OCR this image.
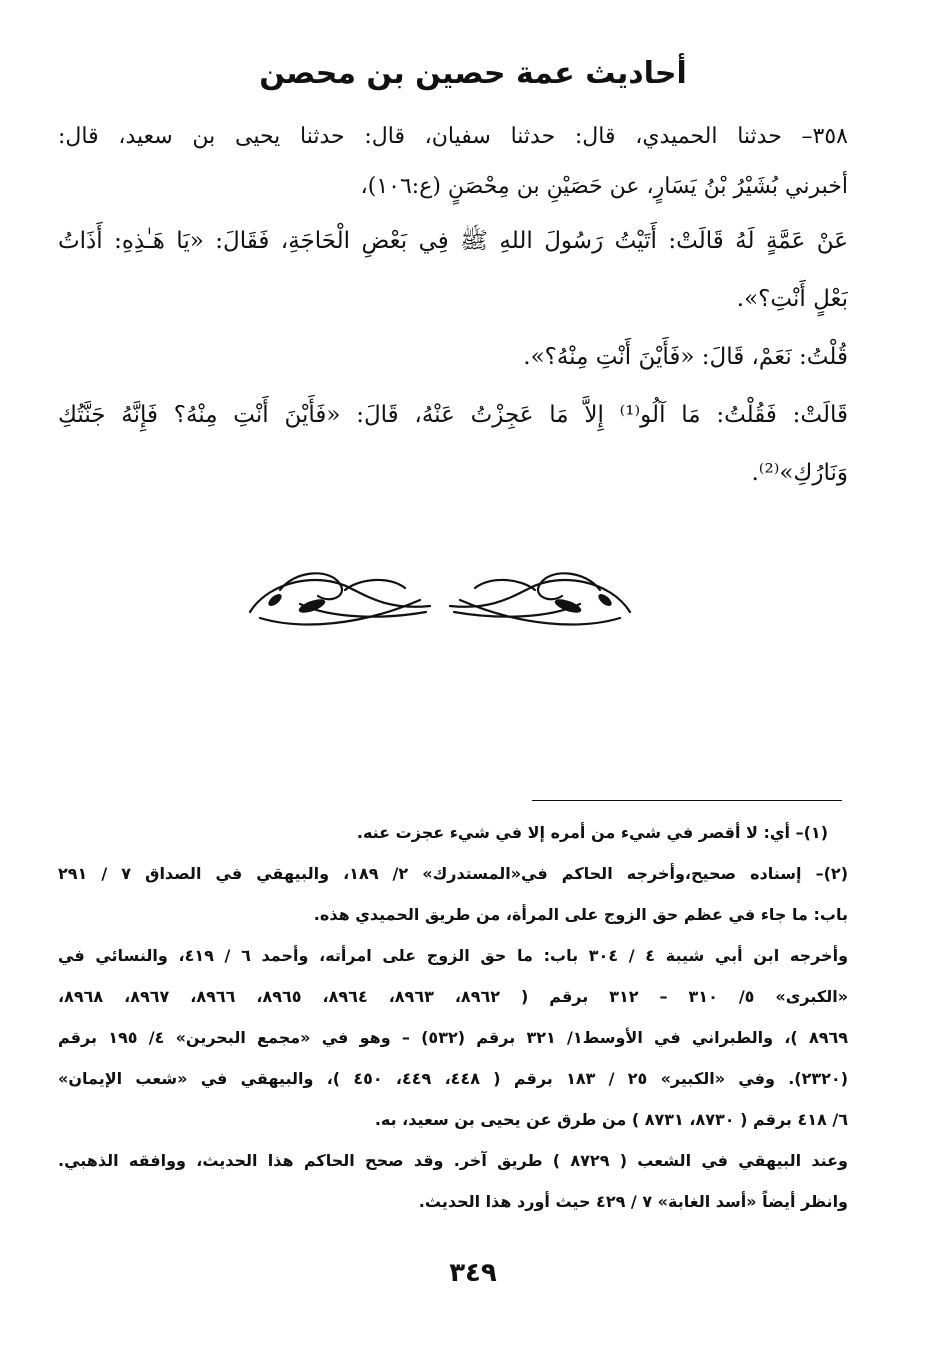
أحاديث عمة حصين بن محصن
٣٥٨– حدثنا الحميدي، قال: حدثنا سفيان، قال: حدثنا يحيى بن سعيد، قال:
أخبرني بُشَيْرُ بْنُ يَسَارٍ، عن حَصَيْنِ بن مِحْصَنٍ (ع:١٠٦)،
عَنْ عَمَّةٍ لَهُ قَالَتْ: أَتَيْتُ رَسُولَ اللهِ ﷺ فِي بَعْضِ الْحَاجَةِ، فَقَالَ: «يَا هَـٰذِهِ: أَذَاتُ
بَعْلٍ أَنْتِ؟».
قُلْتُ: نَعَمْ، قَالَ: «فَأَيْنَ أَنْتِ مِنْهُ؟».
قَالَتْ: فَقُلْتُ: مَا آلُو⁽¹⁾ إِلاَّ مَا عَجِزْتُ عَنْهُ، قَالَ: «فَأَيْنَ أَنْتِ مِنْهُ؟ فَإِنَّهُ جَنَّتُكِ
وَنَارُكِ»⁽²⁾.
(١)– أي: لا أقصر في شيء من أمره إلا في شيء عجزت عنه.
(٢)– إسناده صحيح،وأخرجه الحاكم في«المستدرك» ٢/ ١٨٩، والبيهقي في الصداق ٧ / ٢٩١
باب: ما جاء في عظم حق الزوج على المرأة، من طريق الحميدي هذه.
وأخرجه ابن أبي شيبة ٤ / ٣٠٤ باب: ما حق الزوج على امرأته، وأحمد ٦ / ٤١٩، والنسائي في
«الكبرى» ٥/ ٣١٠ – ٣١٢ برقم ( ٨٩٦٢، ٨٩٦٣، ٨٩٦٤، ٨٩٦٥، ٨٩٦٦، ٨٩٦٧، ٨٩٦٨،
٨٩٦٩ )، والطبراني في الأوسط١/ ٣٢١ برقم (٥٣٢) – وهو في «مجمع البحرين» ٤/ ١٩٥ برقم
(٢٣٢٠). وفي «الكبير» ٢٥ / ١٨٣ برقم ( ٤٤٨، ٤٤٩، ٤٥٠ )، والبيهقي في «شعب الإيمان»
٦/ ٤١٨ برقم ( ٨٧٣٠، ٨٧٣١ ) من طرق عن يحيى بن سعيد، به.
وعند البيهقي في الشعب ( ٨٧٢٩ ) طريق آخر. وقد صحح الحاكم هذا الحديث، ووافقه الذهبي.
وانظر أيضاً «أسد الغابة» ٧ / ٤٢٩ حيث أورد هذا الحديث.
٣٤٩
